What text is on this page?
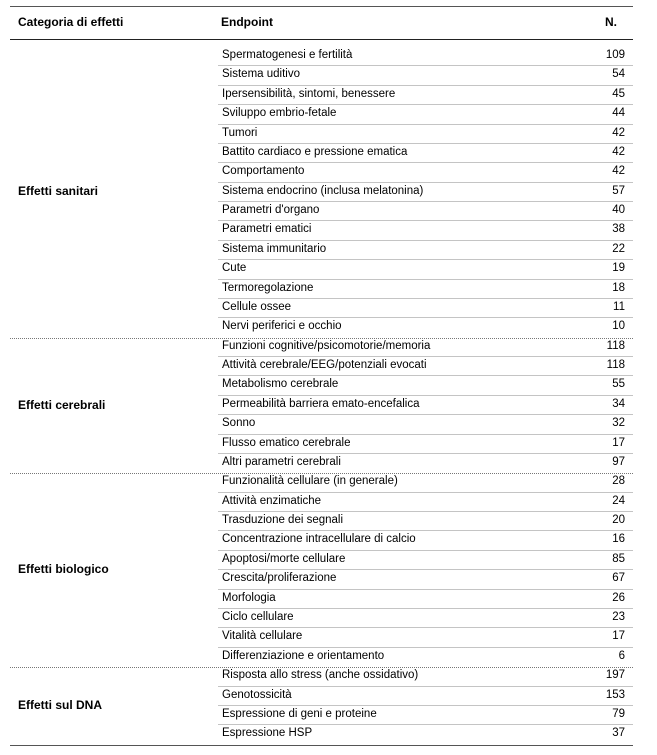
Categoria di effetti	Endpoint	N.
Effetti sanitari
Spermatogenesi e fertilità	109
Sistema uditivo	54
Ipersensibilità, sintomi, benessere	45
Sviluppo embrio-fetale	44
Tumori	42
Battito cardiaco e pressione ematica	42
Comportamento	42
Sistema endocrino (inclusa melatonina)	57
Parametri d'organo	40
Parametri ematici	38
Sistema immunitario	22
Cute	19
Termoregolazione	18
Cellule ossee	11
Nervi periferici e occhio	10
Effetti cerebrali
Funzioni cognitive/psicomotorie/memoria	118
Attività cerebrale/EEG/potenziali evocati	118
Metabolismo cerebrale	55
Permeabilità barriera emato-encefalica	34
Sonno	32
Flusso ematico cerebrale	17
Altri parametri cerebrali	97
Effetti biologico
Funzionalità cellulare (in generale)	28
Attività enzimatiche	24
Trasduzione dei segnali	20
Concentrazione intracellulare di calcio	16
Apoptosi/morte cellulare	85
Crescita/proliferazione	67
Morfologia	26
Ciclo cellulare	23
Vitalità cellulare	17
Differenziazione e orientamento	6
Effetti sul DNA
Risposta allo stress (anche ossidativo)	197
Genotossicità	153
Espressione di geni e proteine	79
Espressione HSP	37
